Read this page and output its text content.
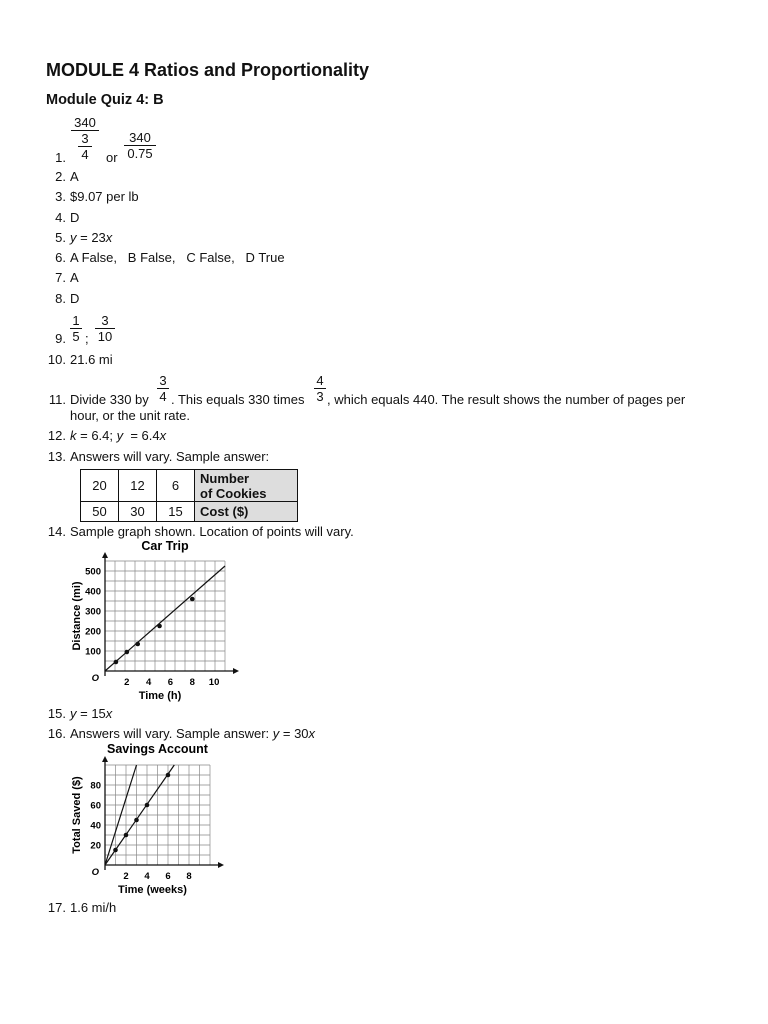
MODULE 4 Ratios and Proportionality
Module Quiz 4: B
1.
340
3
4 or
340
0.75
2. A
3. $9.07 per lb
4. D
5. y = 23x
6. A False,   B False,   C False,   D True
7. A
8. D
9.
1
5 ;
3
10
10. 21.6 mi
11. Divide 330 by
3
4 . This equals 330 times
4
3 , which equals 440. The result shows the number of pages per
hour, or the unit rate.
12. k = 6.4; y  = 6.4x
13. Answers will vary. Sample answer:
20	12	6	Number
of Cookies
50	30	15	Cost ($)
14. Sample graph shown. Location of points will vary.
Car Trip
2 4 6 8 10
100
200
300
400
500
O
Time (h)
Distance (mi)
15. y = 15x
16. Answers will vary. Sample answer: y = 30x
Savings Account
2 4 6 8
20
40
60
80
O
Time (weeks)
Total Saved ($)
17. 1.6 mi/h
